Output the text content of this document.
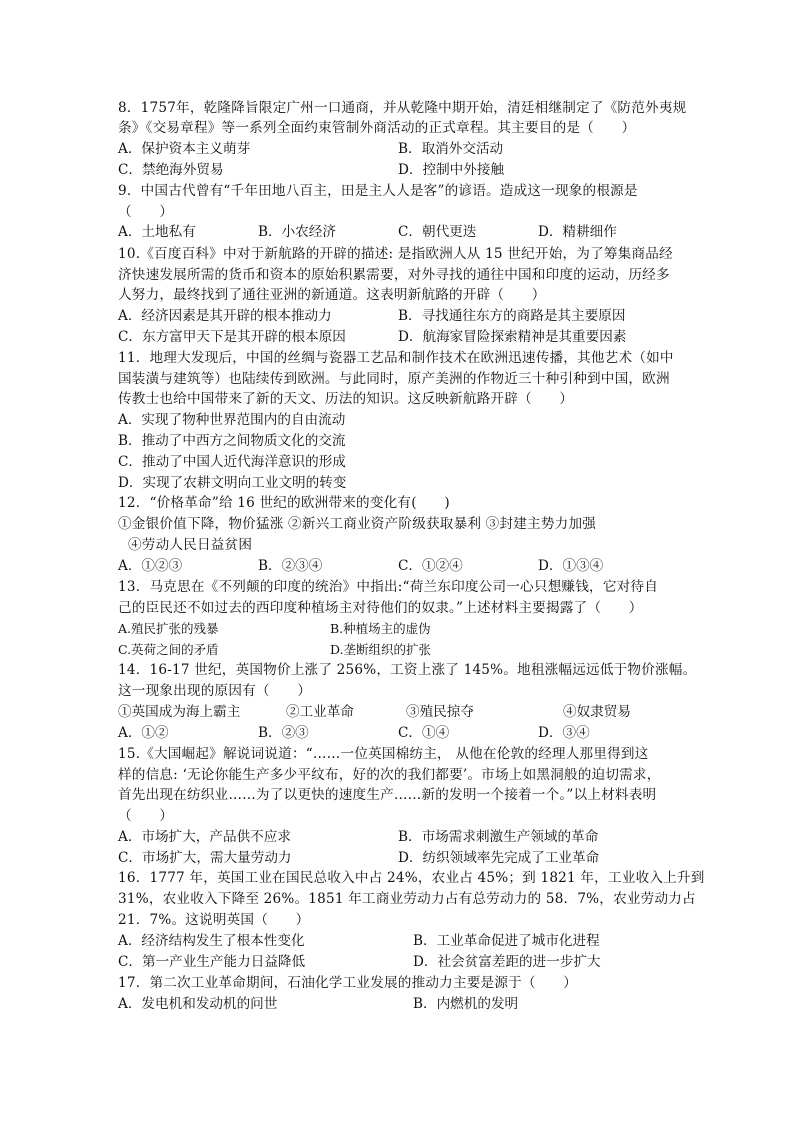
8．1757年，乾隆降旨限定广州一口通商，并从乾隆中期开始，清廷相继制定了《防范外夷规
条》《交易章程》等一系列全面约束管制外商活动的正式章程。其主要目的是（　　）
A．保护资本主义萌芽	B．取消外交活动
C．禁绝海外贸易	D．控制中外接触
9．中国古代曾有“千年田地八百主，田是主人人是客”的谚语。造成这一现象的根源是
（　　）
A．土地私有	B．小农经济	C．朝代更迭	D．精耕细作
10.《百度百科》中对于新航路的开辟的描述: 是指欧洲人从 15 世纪开始，为了筹集商品经
济快速发展所需的货币和资本的原始积累需要，对外寻找的通往中国和印度的运动，历经多
人努力，最终找到了通往亚洲的新通道。这表明新航路的开辟（　　）
A．经济因素是其开辟的根本推动力	B．寻找通往东方的商路是其主要原因
C．东方富甲天下是其开辟的根本原因	D．航海家冒险探索精神是其重要因素
11．地理大发现后，中国的丝绸与瓷器工艺品和制作技术在欧洲迅速传播，其他艺术（如中
国装潢与建筑等）也陆续传到欧洲。与此同时，原产美洲的作物近三十种引种到中国，欧洲
传教士也给中国带来了新的天文、历法的知识。这反映新航路开辟（　　）
A．实现了物种世界范围内的自由流动
B．推动了中西方之间物质文化的交流
C．推动了中国人近代海洋意识的形成
D．实现了农耕文明向工业文明的转变
12．“价格革命”给 16 世纪的欧洲带来的变化有(　　)
①金银价值下降，物价猛涨 ②新兴工商业资产阶级获取暴利 ③封建主势力加强
④劳动人民日益贫困
A．①②③	B．②③④	C．①②④	D．①③④
13．马克思在《不列颠的印度的统治》中指出:“荷兰东印度公司一心只想赚钱，它对待自
己的臣民还不如过去的西印度种植场主对待他们的奴隶。”上述材料主要揭露了（　　）
A.殖民扩张的残暴	B.种植场主的虚伪
C.英荷之间的矛盾	D.垄断组织的扩张
14．16-17 世纪，英国物价上涨了 256%，工资上涨了 145%。地租涨幅远远低于物价涨幅。
这一现象出现的原因有（　　）
①英国成为海上霸主	②工业革命	③殖民掠夺	④奴隶贸易
A．①②	B．②③	C．①④	D．③④
15.《大国崛起》解说词说道：“……一位英国棉纺主， 从他在伦敦的经理人那里得到这
样的信息: ‘无论你能生产多少平纹布，好的次的我们都要’。市场上如黑洞般的迫切需求，
首先出现在纺织业……为了以更快的速度生产……新的发明一个接着一个。”以上材料表明
（　　）
A．市场扩大，产品供不应求	B．市场需求刺激生产领域的革命
C．市场扩大，需大量劳动力	D．纺织领域率先完成了工业革命
16．1777 年，英国工业在国民总收入中占 24%，农业占 45%；到 1821 年，工业收入上升到
31%，农业收入下降至 26%。1851 年工商业劳动力占有总劳动力的 58．7%，农业劳动力占
21．7%。这说明英国（　　）
A．经济结构发生了根本性变化	B．工业革命促进了城市化进程
C．第一产业生产能力日益降低	D．社会贫富差距的进一步扩大
17．第二次工业革命期间，石油化学工业发展的推动力主要是源于（　　）
A．发电机和发动机的问世	B．内燃机的发明
